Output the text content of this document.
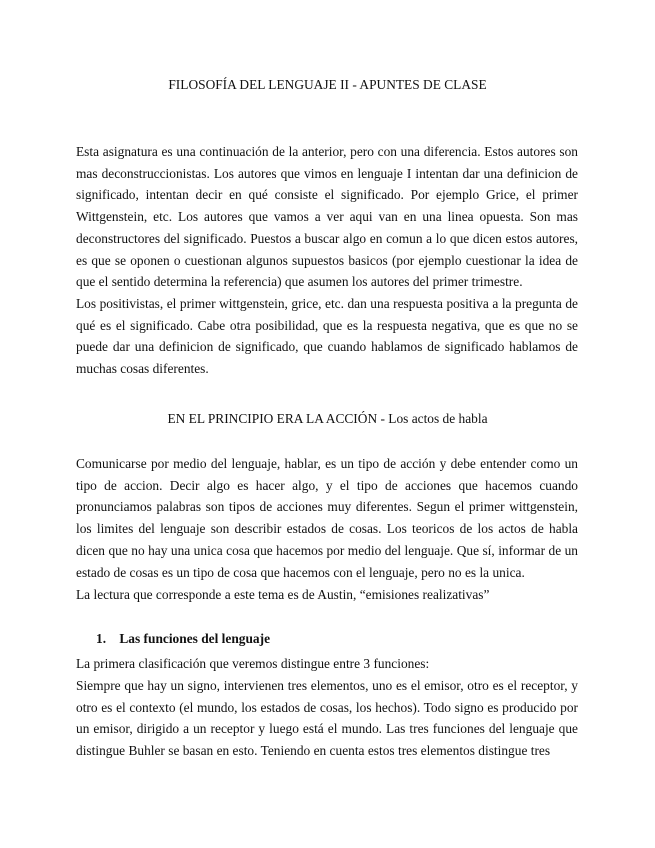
FILOSOFÍA DEL LENGUAJE II - APUNTES DE CLASE

Esta asignatura es una continuación de la anterior, pero con una diferencia. Estos autores son mas deconstruccionistas. Los autores que vimos en lenguaje I intentan dar una definicion de significado, intentan decir en qué consiste el significado. Por ejemplo Grice, el primer Wittgenstein, etc. Los autores que vamos a ver aqui van en una linea opuesta. Son mas deconstructores del significado. Puestos a buscar algo en comun a lo que dicen estos autores, es que se oponen o cuestionan algunos supuestos basicos (por ejemplo cuestionar la idea de que el sentido determina la referencia) que asumen los autores del primer trimestre.

Los positivistas, el primer wittgenstein, grice, etc. dan una respuesta positiva a la pregunta de qué es el significado. Cabe otra posibilidad, que es la respuesta negativa, que es que no se puede dar una definicion de significado, que cuando hablamos de significado hablamos de muchas cosas diferentes.

EN EL PRINCIPIO ERA LA ACCIÓN - Los actos de habla

Comunicarse por medio del lenguaje, hablar, es un tipo de acción y debe entender como un tipo de accion. Decir algo es hacer algo, y el tipo de acciones que hacemos cuando pronunciamos palabras son tipos de acciones muy diferentes. Segun el primer wittgenstein, los limites del lenguaje son describir estados de cosas. Los teoricos de los actos de habla dicen que no hay una unica cosa que hacemos por medio del lenguaje. Que sí, informar de un estado de cosas es un tipo de cosa que hacemos con el lenguaje, pero no es la unica.

La lectura que corresponde a este tema es de Austin, “emisiones realizativas”

1. Las funciones del lenguaje

La primera clasificación que veremos distingue entre 3 funciones:

Siempre que hay un signo, intervienen tres elementos, uno es el emisor, otro es el receptor, y otro es el contexto (el mundo, los estados de cosas, los hechos). Todo signo es producido por un emisor, dirigido a un receptor y luego está el mundo. Las tres funciones del lenguaje que distingue Buhler se basan en esto. Teniendo en cuenta estos tres elementos distingue tres
